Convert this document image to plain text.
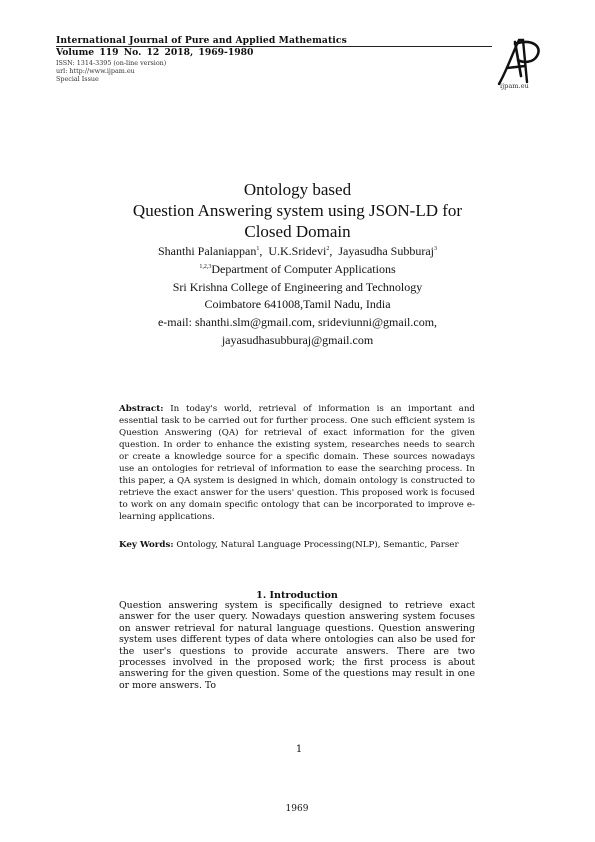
International Journal of Pure and Applied Mathematics
Volume 119 No. 12 2018, 1969-1980
ISSN: 1314-3395 (on-line version)
url: http://www.ijpam.eu
Special Issue
ijpam.eu
Ontology based
Question Answering system using JSON-LD for
Closed Domain
Shanthi Palaniappan$^1$,  U.K.Sridevi$^2$,  Jayasudha Subburaj$^3$
$^{1,2,3}$Department of Computer Applications
Sri Krishna College of Engineering and Technology
Coimbatore 641008,Tamil Nadu, India
e-mail: shanthi.slm@gmail.com, srideviunni@gmail.com,
jayasudhasubburaj@gmail.com
Abstract: In today's world, retrieval of information is an important and essential task to be carried out for further process. One such efficient system is Question Answering (QA) for retrieval of exact information for the given question. In order to enhance the existing system, researches needs to search or create a knowledge source for a specific domain. These sources nowadays use an ontologies for retrieval of information to ease the searching process. In this paper, a QA system is designed in which, domain ontology is constructed to retrieve the exact answer for the users' question. This proposed work is focused to work on any domain specific ontology that can be incorporated to improve e-learning applications.
Key Words: Ontology, Natural Language Processing(NLP), Semantic, Parser
1. Introduction
Question answering system is specifically designed to retrieve exact answer for the user query. Nowadays question answering system focuses on answer retrieval for natural language questions. Question answering system uses different types of data where ontologies can also be used for the user's questions to provide accurate answers. There are two processes involved in the proposed work; the first process is about answering for the given question. Some of the questions may result in one or more answers. To
1
1969
